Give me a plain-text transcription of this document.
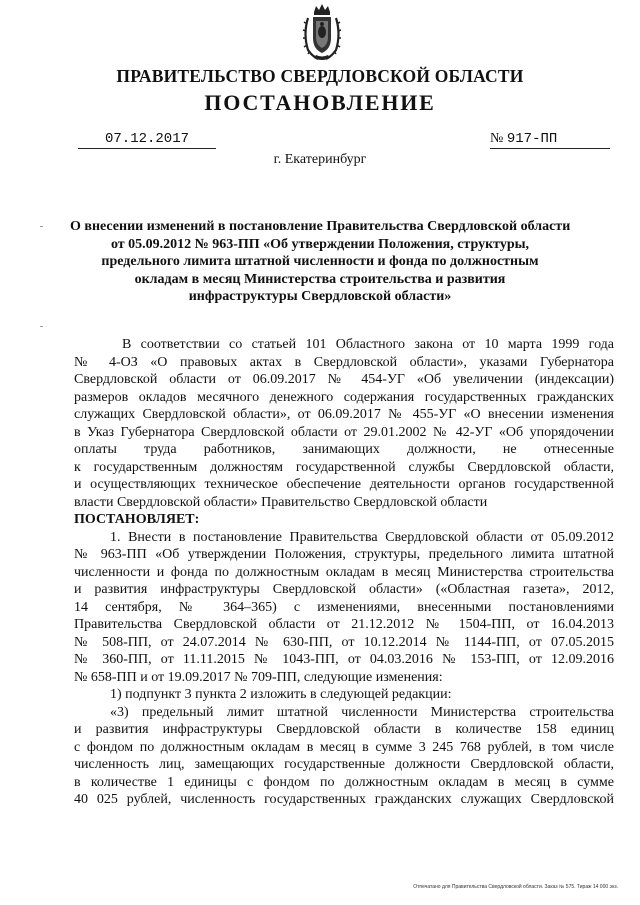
ПРАВИТЕЛЬСТВО СВЕРДЛОВСКОЙ ОБЛАСТИ
ПОСТАНОВЛЕНИЕ
07.12.2017	№ 917-ПП
г. Екатеринбург
О внесении изменений в постановление Правительства Свердловской области
от 05.09.2012 № 963-ПП «Об утверждении Положения, структуры,
предельного лимита штатной численности и фонда по должностным
окладам в месяц Министерства строительства и развития
инфраструктуры Свердловской области»
В соответствии со статьей 101 Областного закона от 10 марта 1999 года
№ 4-ОЗ «О правовых актах в Свердловской области», указами Губернатора
Свердловской области от 06.09.2017 № 454-УГ «Об увеличении (индексации)
размеров окладов месячного денежного содержания государственных гражданских
служащих Свердловской области», от 06.09.2017 № 455-УГ «О внесении изменения
в Указ Губернатора Свердловской области от 29.01.2002 № 42-УГ «Об упорядочении
оплаты труда работников, занимающих должности, не отнесенные
к государственным должностям государственной службы Свердловской области,
и осуществляющих техническое обеспечение деятельности органов государственной
власти Свердловской области» Правительство Свердловской области
ПОСТАНОВЛЯЕТ:
1. Внести в постановление Правительства Свердловской области от 05.09.2012
№ 963-ПП «Об утверждении Положения, структуры, предельного лимита штатной
численности и фонда по должностным окладам в месяц Министерства строительства
и развития инфраструктуры Свердловской области» («Областная газета», 2012,
14 сентября, № 364–365) с изменениями, внесенными постановлениями
Правительства Свердловской области от 21.12.2012 № 1504-ПП, от 16.04.2013
№ 508-ПП, от 24.07.2014 № 630-ПП, от 10.12.2014 № 1144-ПП, от 07.05.2015
№ 360-ПП, от 11.11.2015 № 1043-ПП, от 04.03.2016 № 153-ПП, от 12.09.2016
№ 658-ПП и от 19.09.2017 № 709-ПП, следующие изменения:
1) подпункт 3 пункта 2 изложить в следующей редакции:
«3) предельный лимит штатной численности Министерства строительства
и развития инфраструктуры Свердловской области в количестве 158 единиц
с фондом по должностным окладам в месяц в сумме 3 245 768 рублей, в том числе
численность лиц, замещающих государственные должности Свердловской области,
в количестве 1 единицы с фондом по должностным окладам в месяц в сумме
40 025 рублей, численность государственных гражданских служащих Свердловской
Отпечатано для Правительства Свердловской области. Заказ № 575. Тираж 14 000 экз.
